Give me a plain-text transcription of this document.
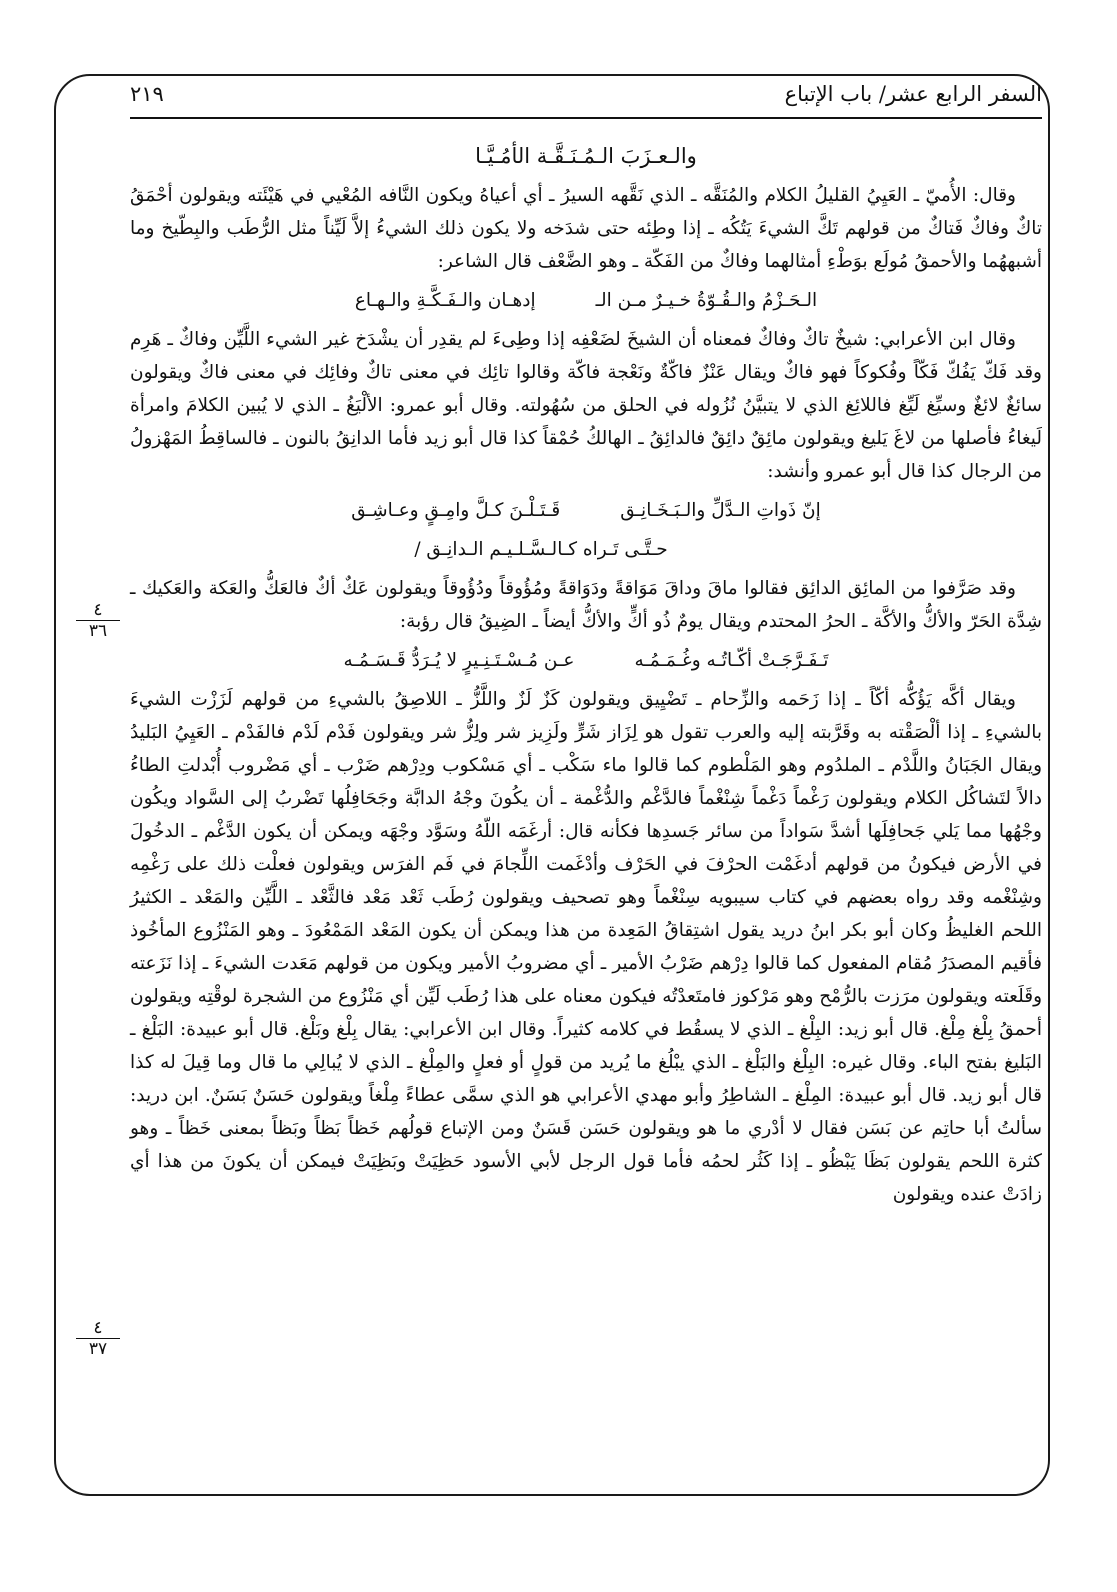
السفر الرابع عشر/ باب الإتباع
٢١٩
والـعـزَبَ الـمُـنَـقَّـة الأمُـيَّـا

وقال: الأُميّ ـ العَيِيُ القليلُ الكلام والمُنَقَّه ـ الذي نَقَّهه السيرُ ـ أي أعياهُ ويكون النَّافه المُعْيي في هَيْئَته ويقولون أحْمَقُ تاكٌ وفاكٌ فَتاكٌ من قولهم تَكَّ الشيءَ يَتُكُه ـ إذا وطِئه حتى شدَخه ولا يكون ذلك الشيءُ إلاَّ لَيِّناً مثل الرُّطَب والبِطّيخ وما أشبههُما والأحمقُ مُولَع بوَطْءِ أمثالهما وفاكٌ من الفَكّة ـ وهو الضَّعْف قال الشاعر:

الـحَـزْمُ والـقُـوّةُ خـيـرٌ مـن الـ
إدهـان والـفَـكَّـةِ والـهـاع

وقال ابن الأعرابي: شيخٌ تاكٌ وفاكٌ فمعناه أن الشيخَ لضَعْفِه إذا وطِىءَ لم يقدِر أن يشْدَخ غير الشيء اللَّيِّن وفاكٌ ـ هَرِم وقد فَكّ يَفُكّ فَكّاً وفُكوكاً فهو فاكٌ ويقال عَنْزٌ فاكّةٌ ونَعْجة فاكّة وقالوا تائِك في معنى تاكٌ وفائِك في معنى فاكٌ ويقولون سائغٌ لائغٌ وسيِّغ لَيِّغ فاللائِغ الذي لا يتبيَّنُ نُزُوله في الحلق من سُهُولته. وقال أبو عمرو: الألْيَغُ ـ الذي لا يُبين الكلامَ وامرأة لَيغاءُ فأصلها من لاغَ يَليغ ويقولون مائِقٌ دائِقٌ فالدائِقُ ـ الهالكُ حُمْقاً كذا قال أبو زيد فأما الدانِقُ بالنون ـ فالساقِطُ المَهْزولُ من الرجال كذا قال أبو عمرو وأنشد:

إنّ ذَواتِ الـدَّلِّ والـبَـخَـانِـق
قَـتَـلْـنَ كـلَّ وامِـقٍ وعـاشِـق
حـتَّـى تَـراه كـالـسَّـلـيـم الـدانِـق /

وقد صَرَّفوا من المائِق الدائِق فقالوا ماقَ وداقَ مَوَاقةً ودَوَاقةً ومُؤُوقاً ودُؤُوقاً ويقولون عَكٌ أكٌ فالعَكُّ والعَكة والعَكيك ـ شِدَّة الحَرّ والأكُّ والأكَّة ـ الحرُ المحتدم ويقال يومٌ ذُو أكٍّ والأكُّ أيضاً ـ الضِيقُ قال رؤبة:

تَـفَـرَّجَـتْ أكّـاتُـه وغُـمَـمُـه
عـن مُـسْـتَـنِـيرٍ لا يُـرَدُّ قَـسَـمُـه

ويقال أكَّه يَؤُكُّه أكّاً ـ إذا زَحَمه والزِّحام ـ تَضْيِيق ويقولون كَزٌ لَزٌ واللَّزُّ ـ اللاصِقُ بالشيءِ من قولهم لَزَزْت الشيءَ بالشيءِ ـ إذا ألْصَقْته به وقَرَّبته إليه والعرب تقول هو لِزَاز شَرٍّ ولَزِيز شر ولِزُّ شر ويقولون فَدْم لَدْم فالفَدْم ـ العَيِيُ البَليدُ ويقال الجَبَانُ واللَّدْم ـ الملدُوم وهو المَلْطوم كما قالوا ماء سَكْب ـ أي مَسْكوب ودِرْهم ضَرْب ـ أي مَضْروب أُبْدلتِ الطاءُ دالاً لتَشاكُل الكلام ويقولون رَغْماً دَغْماً شِنْغْماً فالدَّغْم والدُّغْمة ـ أن يكُونَ وجْهُ الدابَّة وجَحَافِلُها تَضْربُ إلى السَّواد ويكُون وجْهُها مما يَلي جَحافِلَها أشدَّ سَواداً من سائر جَسدِها فكأنه قال: أرغَمَه اللّهُ وسَوَّد وجْهَه ويمكن أن يكون الدَّغْم ـ الدخُولَ في الأرض فيكونُ من قولهم أدغَمْت الحرْفَ في الحَرْف وأدْغَمت اللِّجامَ في فَم الفرَس ويقولون فعلْت ذلك على رَغْمِه وشِنْغْمه وقد رواه بعضهم في كتاب سيبويه سِنْغْماً وهو تصحيف ويقولون رُطَب ثَعْد مَعْد فالثَّعْد ـ اللَّيِّن والمَعْد ـ الكثيرُ اللحم الغليظُ وكان أبو بكر ابنُ دريد يقول اشتِقاقُ المَعِدة من هذا ويمكن أن يكون المَعْد المَمْعُودَ ـ وهو المَنْزُوع المأخُوذ فأقيم المصدَرُ مُقام المفعول كما قالوا دِرْهم ضَرْبُ الأمير ـ أي مضروبُ الأمير ويكون من قولهم مَعَدت الشيءَ ـ إذا نَزَعته وقَلَعته ويقولون مرَزت بالرُّمْح وهو مَرْكوز فامتَعدْتُه فيكون معناه على هذا رُطَب لَيِّن أي مَنْزُوع من الشجرة لوقْتِه ويقولون أحمقُ بِلْغ مِلْغ. قال أبو زيد: البِلْغ ـ الذي لا يسقُط في كلامه كثيراً. وقال ابن الأعرابي: يقال بِلْغ وبَلْغ. قال أبو عبيدة: البَلْغ ـ البَليغ بفتح الباء. وقال غيره: البِلْغ والبَلْغ ـ الذي يبْلُغ ما يُريد من قولٍ أو فعلٍ والمِلْغ ـ الذي لا يُبالِي ما قال وما قِيلَ له كذا قال أبو زيد. قال أبو عبيدة: المِلْغ ـ الشاطِرُ وأبو مهدي الأعرابي هو الذي سمَّى عطاءً مِلْغاً ويقولون حَسَنٌ بَسَنٌ. ابن دريد: سألتُ أبا حاتِم عن بَسَن فقال لا أدْري ما هو ويقولون حَسَن قَسَنٌ ومن الإتباع قولُهم خَظاً بَظاً وبَظاً بمعنى خَظاً ـ وهو كثرة اللحم يقولون بَظَا يَبْظُو ـ إذا كَثُر لحمُه فأما قول الرجل لأبي الأسود حَظِيَتْ وبَظِيَتْ فيمكن أن يكونَ من هذا أي زادَتْ عنده ويقولون

٤
٣٦
٤
٣٧
